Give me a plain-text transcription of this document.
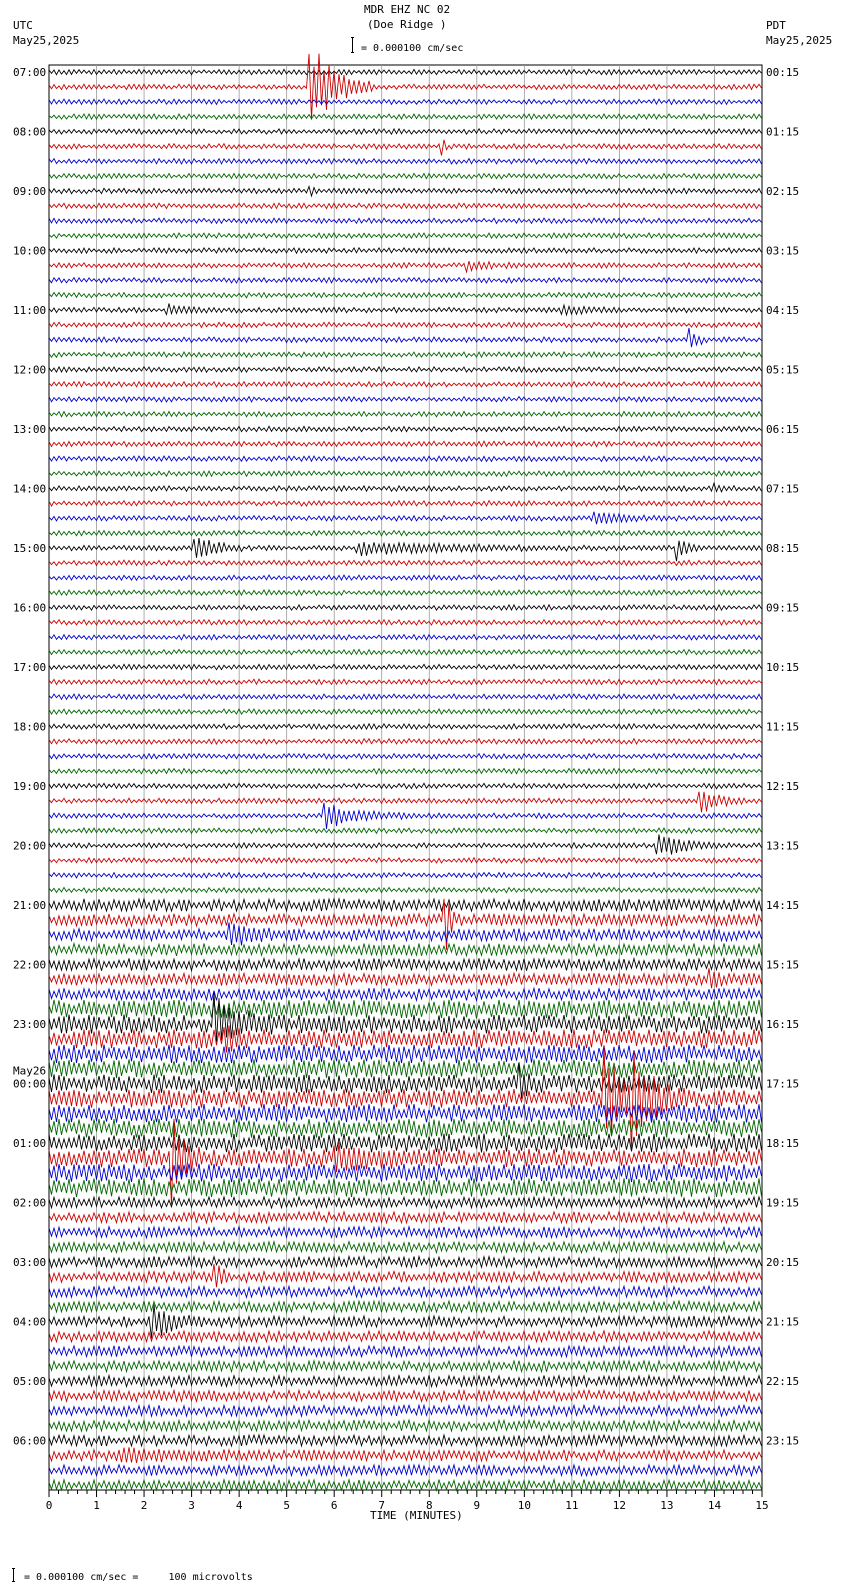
MDR EHZ NC 02
(Doe Ridge )
= 0.000100 cm/sec
UTC
May25,2025
PDT
May25,2025
0	1	2	3	4	5	6	7	8	9	10	11	12	13	14	15
07:00
08:00
09:00
10:00
11:00
12:00
13:00
14:00
15:00
16:00
17:00
18:00
19:00
20:00
21:00
22:00
23:00
00:00
May26
01:00
02:00
03:00
04:00
05:00
06:00
00:15
01:15
02:15
03:15
04:15
05:15
06:15
07:15
08:15
09:15
10:15
11:15
12:15
13:15
14:15
15:15
16:15
17:15
18:15
19:15
20:15
21:15
22:15
23:15
TIME (MINUTES)
= 0.000100 cm/sec =     100 microvolts
